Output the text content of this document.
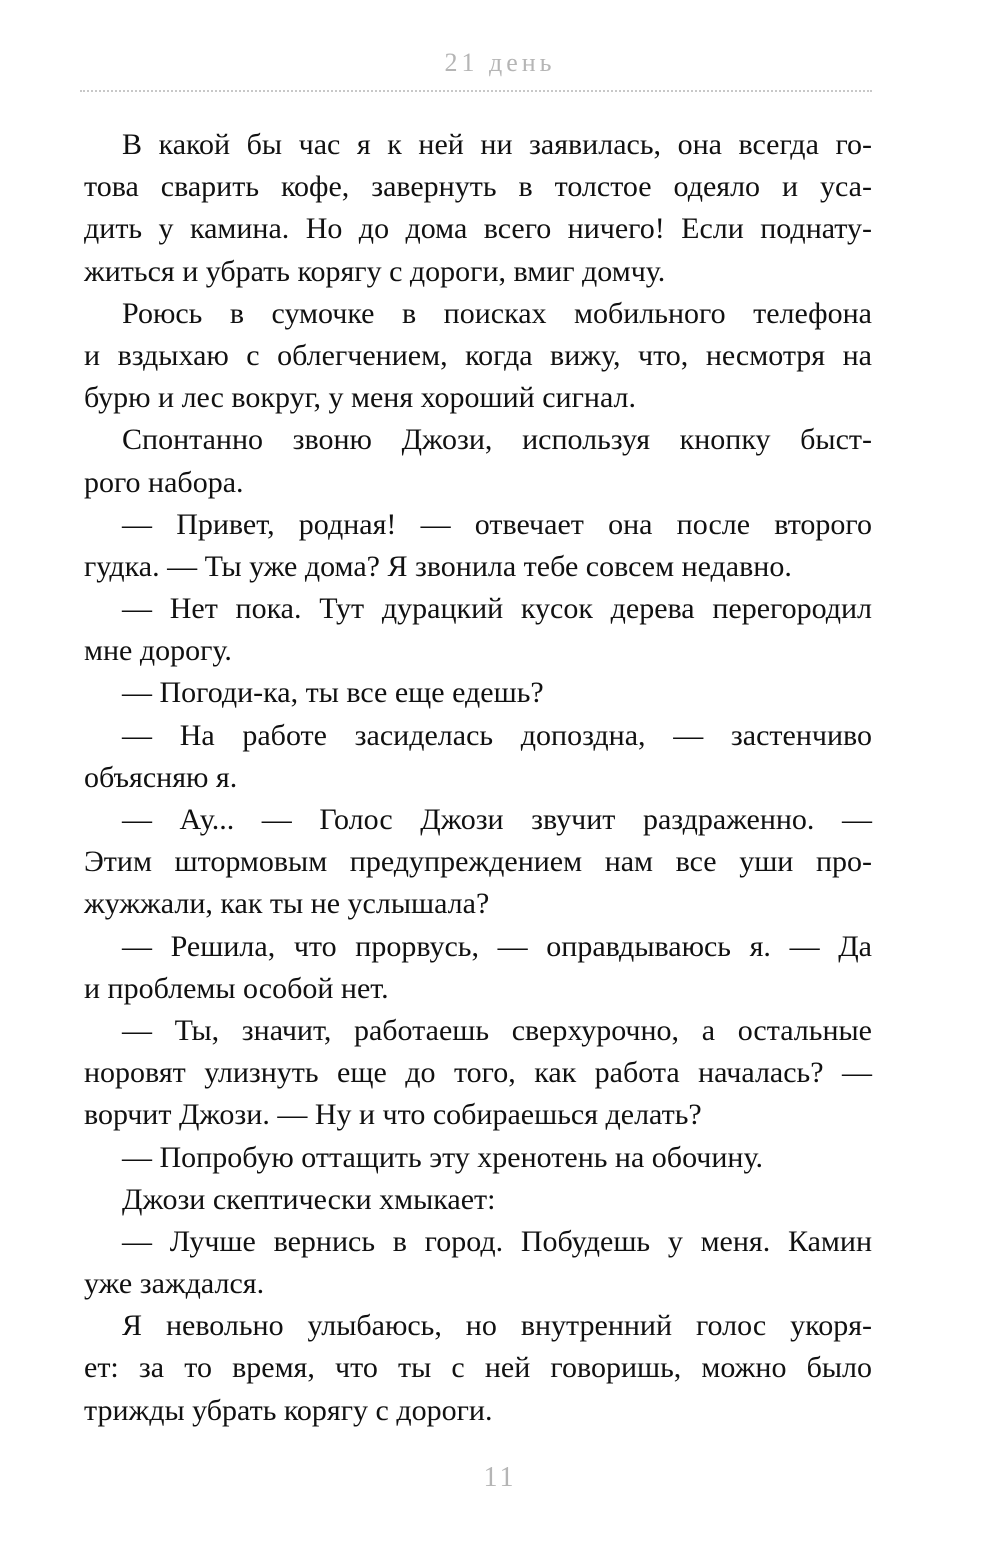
21 день
В какой бы час я к ней ни заявилась, она всегда го-
това сварить кофе, завернуть в толстое одеяло и уса-
дить у камина. Но до дома всего ничего! Если поднату-
житься и убрать корягу с дороги, вмиг домчу.
Роюсь в сумочке в поисках мобильного телефона
и вздыхаю с облегчением, когда вижу, что, несмотря на
бурю и лес вокруг, у меня хороший сигнал.
Спонтанно звоню Джози, используя кнопку быст-
рого набора.
— Привет, родная! — отвечает она после второго
гудка. — Ты уже дома? Я звонила тебе совсем недавно.
— Нет пока. Тут дурацкий кусок дерева перегородил
мне дорогу.
— Погоди-ка, ты все еще едешь?
— На работе засиделась допоздна, — застенчиво
объясняю я.
— Ау... — Голос Джози звучит раздраженно. —
Этим штормовым предупреждением нам все уши про-
жужжали, как ты не услышала?
— Решила, что прорвусь, — оправдываюсь я. — Да
и проблемы особой нет.
— Ты, значит, работаешь сверхурочно, а остальные
норовят улизнуть еще до того, как работа началась? —
ворчит Джози. — Ну и что собираешься делать?
— Попробую оттащить эту хренотень на обочину.
Джози скептически хмыкает:
— Лучше вернись в город. Побудешь у меня. Камин
уже заждался.
Я невольно улыбаюсь, но внутренний голос укоря-
ет: за то время, что ты с ней говоришь, можно было
трижды убрать корягу с дороги.
11
